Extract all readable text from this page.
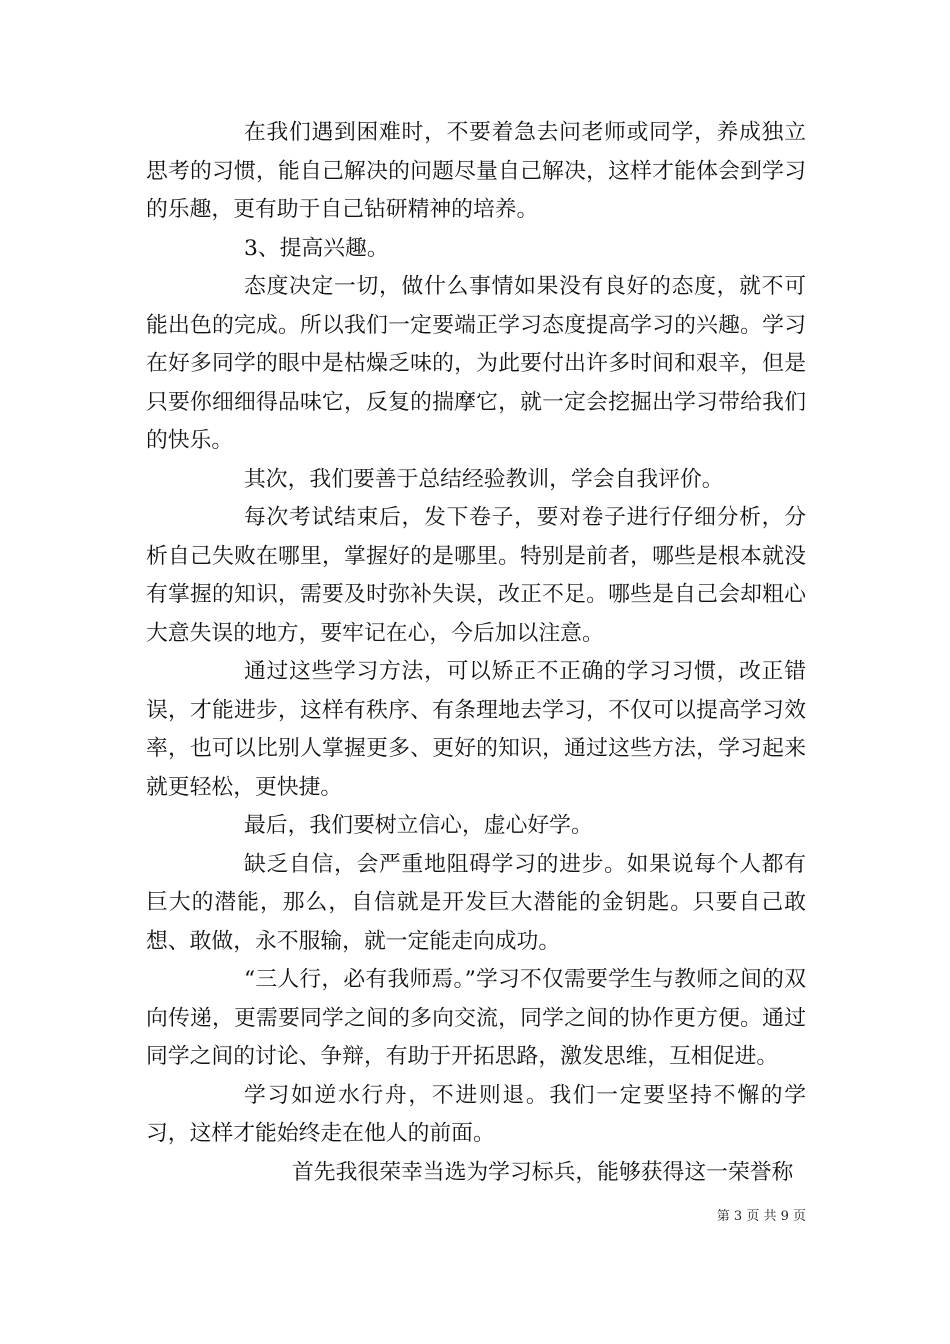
在我们遇到困难时，不要着急去问老师或同学，养成独立思考的习惯，能自己解决的问题尽量自己解决，这样才能体会到学习的乐趣，更有助于自己钻研精神的培养。

3、提高兴趣。

态度决定一切，做什么事情如果没有良好的态度，就不可能出色的完成。所以我们一定要端正学习态度提高学习的兴趣。学习在好多同学的眼中是枯燥乏味的，为此要付出许多时间和艰辛，但是只要你细细得品味它，反复的揣摩它，就一定会挖掘出学习带给我们的快乐。

其次，我们要善于总结经验教训，学会自我评价。

每次考试结束后，发下卷子，要对卷子进行仔细分析，分析自己失败在哪里，掌握好的是哪里。特别是前者，哪些是根本就没有掌握的知识，需要及时弥补失误，改正不足。哪些是自己会却粗心大意失误的地方，要牢记在心，今后加以注意。

通过这些学习方法，可以矫正不正确的学习习惯，改正错误，才能进步，这样有秩序、有条理地去学习，不仅可以提高学习效率，也可以比别人掌握更多、更好的知识，通过这些方法，学习起来就更轻松，更快捷。

最后，我们要树立信心，虚心好学。

缺乏自信，会严重地阻碍学习的进步。如果说每个人都有巨大的潜能，那么，自信就是开发巨大潜能的金钥匙。只要自己敢想、敢做，永不服输，就一定能走向成功。

“三人行，必有我师焉。”学习不仅需要学生与教师之间的双向传递，更需要同学之间的多向交流，同学之间的协作更方便。通过同学之间的讨论、争辩，有助于开拓思路，激发思维，互相促进。

学习如逆水行舟，不进则退。我们一定要坚持不懈的学习，这样才能始终走在他人的前面。

首先我很荣幸当选为学习标兵，能够获得这一荣誉称

第 3 页 共 9 页
